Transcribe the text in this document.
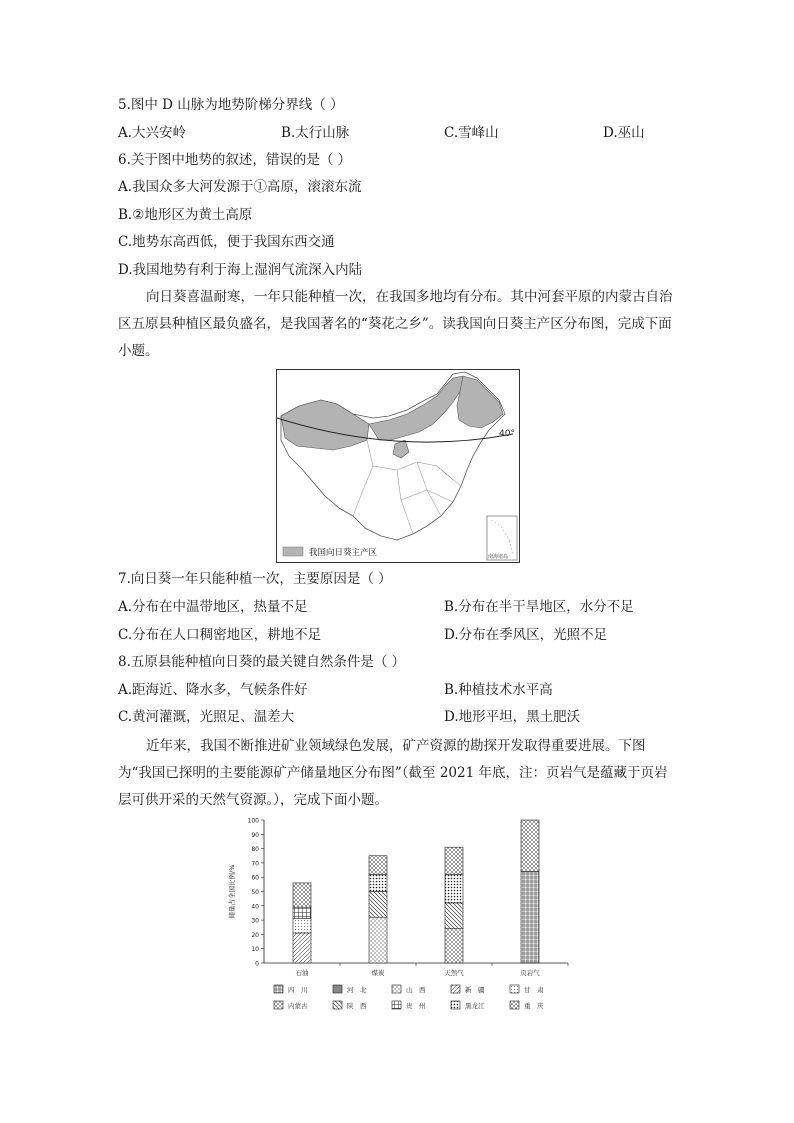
5.图中 D 山脉为地势阶梯分界线（ ）
A.大兴安岭	B.太行山脉	C.雪峰山	D.巫山
6.关于图中地势的叙述，错误的是（ ）
A.我国众多大河发源于①高原，滚滚东流
B.②地形区为黄土高原
C.地势东高西低，便于我国东西交通
D.我国地势有利于海上湿润气流深入内陆
向日葵喜温耐寒，一年只能种植一次，在我国多地均有分布。其中河套平原的内蒙古自治区五原县种植区最负盛名，是我国著名的“葵花之乡”。读我国向日葵主产区分布图，完成下面小题。
40°
我国向日葵主产区	南海诸岛
7.向日葵一年只能种植一次，主要原因是（ ）
A.分布在中温带地区，热量不足	B.分布在半干旱地区，水分不足
C.分布在人口稠密地区，耕地不足	D.分布在季风区，光照不足
8.五原县能种植向日葵的最关键自然条件是（ ）
A.距海近、降水多，气候条件好	B.种植技术水平高
C.黄河灌溉，光照足、温差大	D.地形平坦，黑土肥沃
近年来，我国不断推进矿业领域绿色发展，矿产资源的勘探开发取得重要进展。下图为“我国已探明的主要能源矿产储量地区分布图”（截至 2021 年底，注：页岩气是蕴藏于页岩层可供开采的天然气资源。），完成下面小题。
0
10
20
30
40
50
60
70
80
90
100
储量占全国比例/%
石油	煤炭	天然气	页岩气
四　川	河　北	山　西	新　疆	甘　肃
内蒙古	陕　西	贵　州	黑龙江	重　庆
